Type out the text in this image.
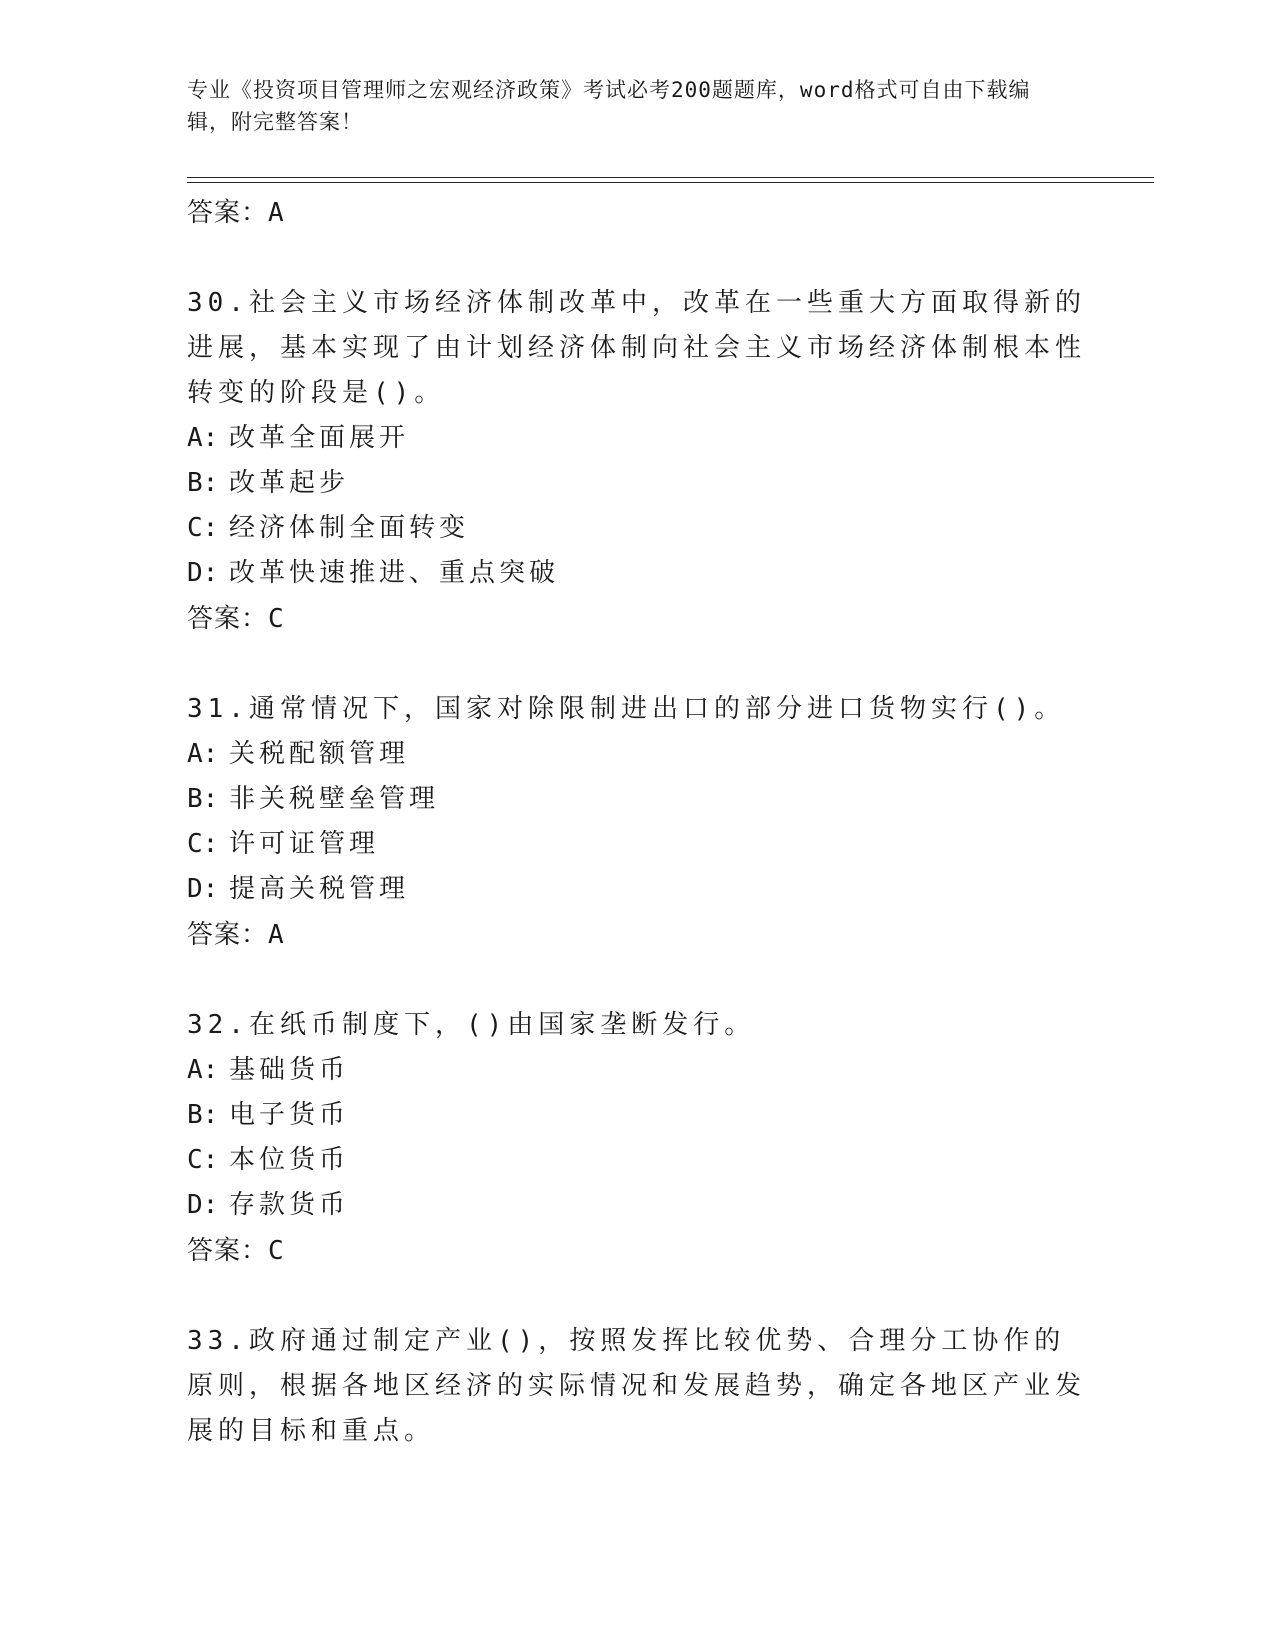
专业《投资项目管理师之宏观经济政策》考试必考200题题库，word格式可自由下载编辑，附完整答案！
答案：A

30.社会主义市场经济体制改革中，改革在一些重大方面取得新的进展，基本实现了由计划经济体制向社会主义市场经济体制根本性转变的阶段是()。

A: 改革全面展开
B: 改革起步
C: 经济体制全面转变
D: 改革快速推进、重点突破
答案：C

31.通常情况下，国家对除限制进出口的部分进口货物实行()。

A: 关税配额管理
B: 非关税壁垒管理
C: 许可证管理
D: 提高关税管理
答案：A

32.在纸币制度下，()由国家垄断发行。

A: 基础货币
B: 电子货币
C: 本位货币
D: 存款货币
答案：C

33.政府通过制定产业()，按照发挥比较优势、合理分工协作的原则，根据各地区经济的实际情况和发展趋势，确定各地区产业发展的目标和重点。
